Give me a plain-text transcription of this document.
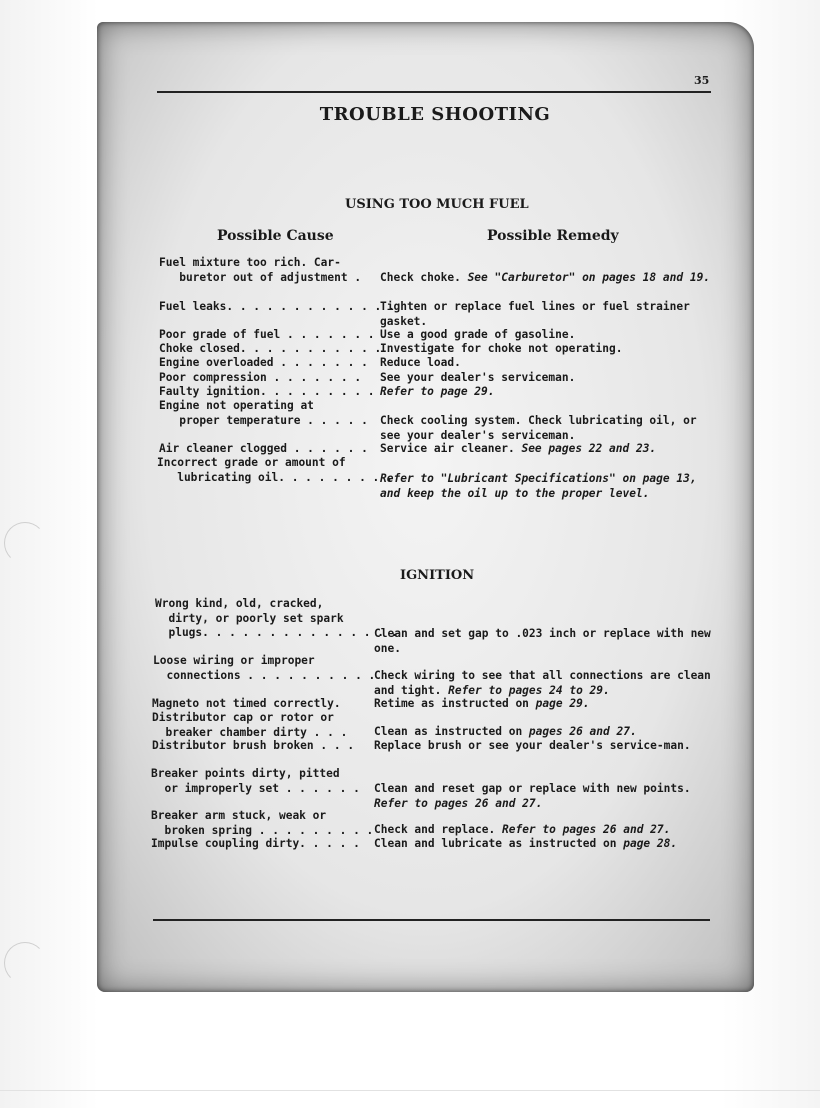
35
TROUBLE SHOOTING
USING TOO MUCH FUEL
Possible Cause	Possible Remedy
Fuel mixture too rich. Car-
buretor out of adjustment . Check choke. See "Carburetor" on pages 18 and 19.
Fuel leaks. . . . . . . . . . . . .
Tighten or replace fuel lines or fuel strainer gasket.
Poor grade of fuel . . . . . . . Use a good grade of gasoline.
Choke closed. . . . . . . . . . .
Investigate for choke not operating.
Engine overloaded . . . . . . . Reduce load.
Poor compression . . . . . . . See your dealer's serviceman.
Faulty ignition. . . . . . . . . .
Refer to page 29.
Engine not operating at
proper temperature . . . . . Check cooling system. Check lubricating oil, or see your dealer's serviceman.
Air cleaner clogged . . . . . . Service air cleaner. See pages 22 and 23.
Incorrect grade or amount of
lubricating oil. . . . . . . . .
Refer to "Lubricant Specifications" on page 13, and keep the oil up to the proper level.
IGNITION
Wrong kind, old, cracked,
dirty, or poorly set spark
plugs. . . . . . . . . . . . . . .
Clean and set gap to .023 inch or replace with new one.
Loose wiring or improper
connections . . . . . . . . . .
Check wiring to see that all connections are clean and tight. Refer to pages 24 to 29.
Magneto not timed correctly.	Retime as instructed on page 29.
Distributor cap or rotor or
breaker chamber dirty . . . Clean as instructed on pages 26 and 27.
Distributor brush broken . . . Replace brush or see your dealer's service-man.
Breaker points dirty, pitted
or improperly set . . . . . . Clean and reset gap or replace with new points. Refer to pages 26 and 27.
Breaker arm stuck, weak or
broken spring . . . . . . . . . Check and replace. Refer to pages 26 and 27.
Impulse coupling dirty. . . . . Clean and lubricate as instructed on page 28.
